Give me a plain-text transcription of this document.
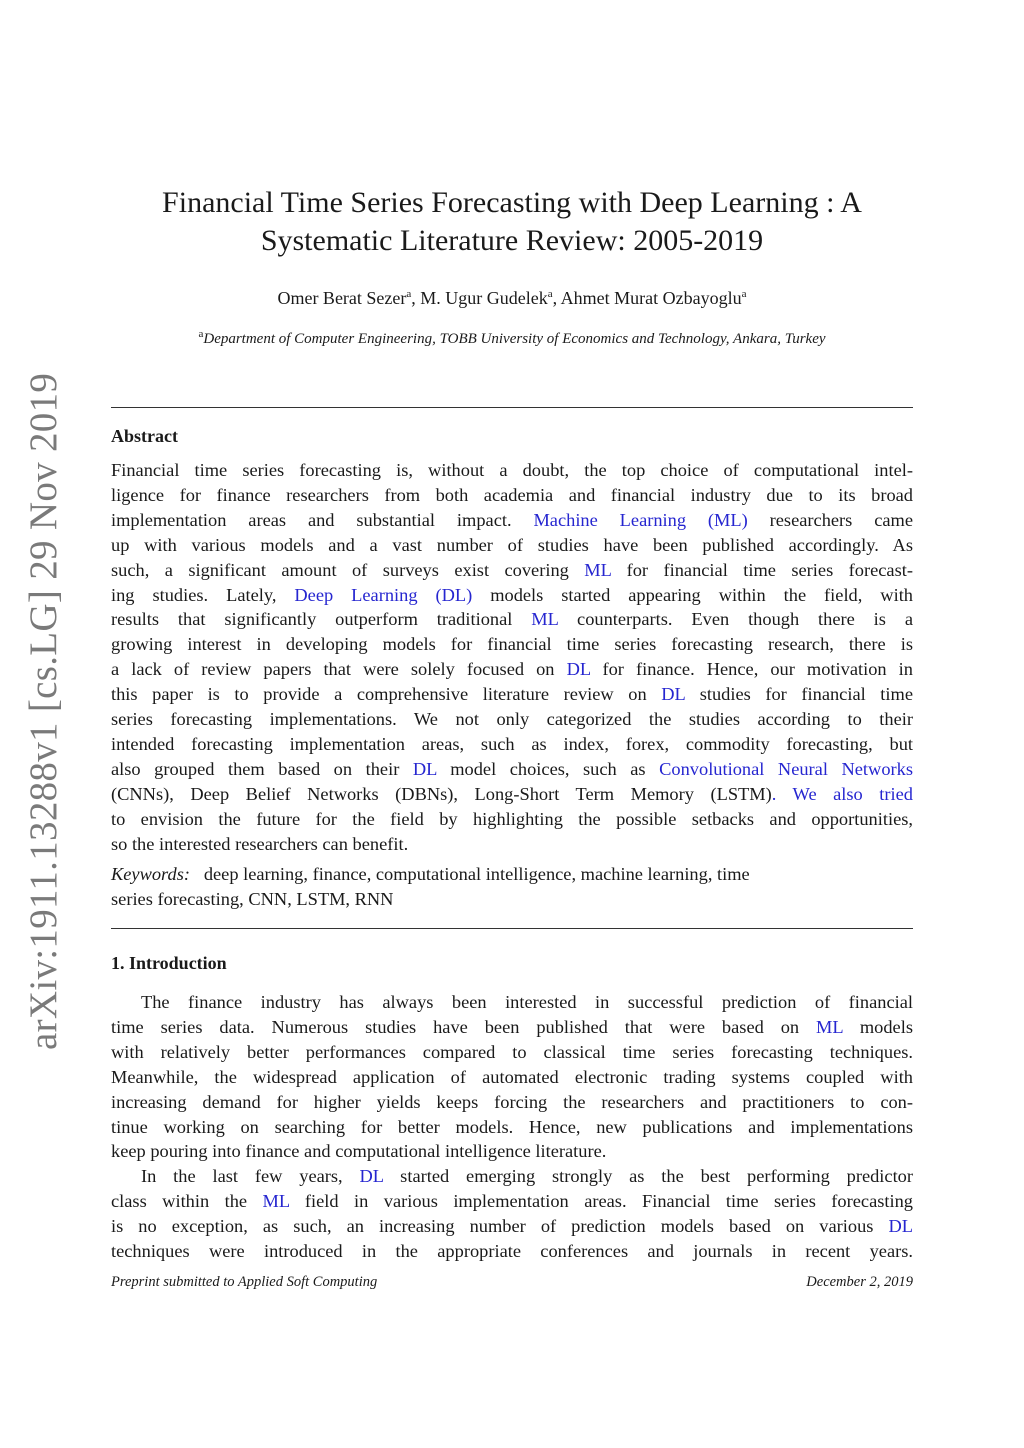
arXiv:1911.13288v1 [cs.LG] 29 Nov 2019
Financial Time Series Forecasting with Deep Learning : A
Systematic Literature Review: 2005-2019
Omer Berat Sezer$^a$, M. Ugur Gudelek$^a$, Ahmet Murat Ozbayoglu$^a$
$^a$Department of Computer Engineering, TOBB University of Economics and Technology, Ankara, Turkey
Abstract
Financial time series forecasting is, without a doubt, the top choice of computational intel-
ligence for finance researchers from both academia and financial industry due to its broad
implementation areas and substantial impact. Machine Learning (ML) researchers came
up with various models and a vast number of studies have been published accordingly. As
such, a significant amount of surveys exist covering ML for financial time series forecast-
ing studies. Lately, Deep Learning (DL) models started appearing within the field, with
results that significantly outperform traditional ML counterparts. Even though there is a
growing interest in developing models for financial time series forecasting research, there is
a lack of review papers that were solely focused on DL for finance. Hence, our motivation in
this paper is to provide a comprehensive literature review on DL studies for financial time
series forecasting implementations. We not only categorized the studies according to their
intended forecasting implementation areas, such as index, forex, commodity forecasting, but
also grouped them based on their DL model choices, such as Convolutional Neural Networks
(CNNs), Deep Belief Networks (DBNs), Long-Short Term Memory (LSTM). We also tried
to envision the future for the field by highlighting the possible setbacks and opportunities,
so the interested researchers can benefit.
Keywords: deep learning, finance, computational intelligence, machine learning, time
series forecasting, CNN, LSTM, RNN
1. Introduction
The finance industry has always been interested in successful prediction of financial
time series data. Numerous studies have been published that were based on ML models
with relatively better performances compared to classical time series forecasting techniques.
Meanwhile, the widespread application of automated electronic trading systems coupled with
increasing demand for higher yields keeps forcing the researchers and practitioners to con-
tinue working on searching for better models. Hence, new publications and implementations
keep pouring into finance and computational intelligence literature.
In the last few years, DL started emerging strongly as the best performing predictor
class within the ML field in various implementation areas. Financial time series forecasting
is no exception, as such, an increasing number of prediction models based on various DL
techniques were introduced in the appropriate conferences and journals in recent years.
Preprint submitted to Applied Soft Computing	December 2, 2019
